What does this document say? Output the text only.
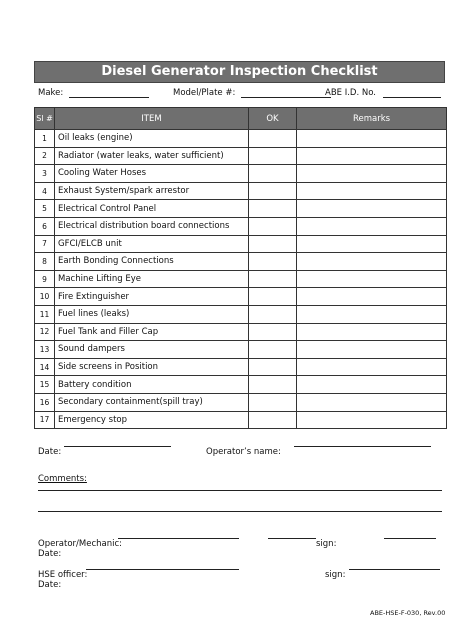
Diesel Generator Inspection Checklist
Make:	Model/Plate #:	ABE I.D. No.
Sl #	ITEM	OK	Remarks
1	Oil leaks (engine)		
2	Radiator (water leaks, water sufficient)		
3	Cooling Water Hoses		
4	Exhaust System/spark arrestor		
5	Electrical Control Panel		
6	Electrical distribution board connections		
7	GFCI/ELCB unit		
8	Earth Bonding Connections		
9	Machine Lifting Eye		
10	Fire Extinguisher		
11	Fuel lines (leaks)		
12	Fuel Tank and Filler Cap		
13	Sound dampers		
14	Side screens in Position		
15	Battery condition		
16	Secondary containment(spill tray)		
17	Emergency stop		
Date:	Operator’s name:
Comments:
Operator/Mechanic:	sign:
Date:
HSE officer:	sign:
Date:
ABE-HSE-F-030, Rev.00
